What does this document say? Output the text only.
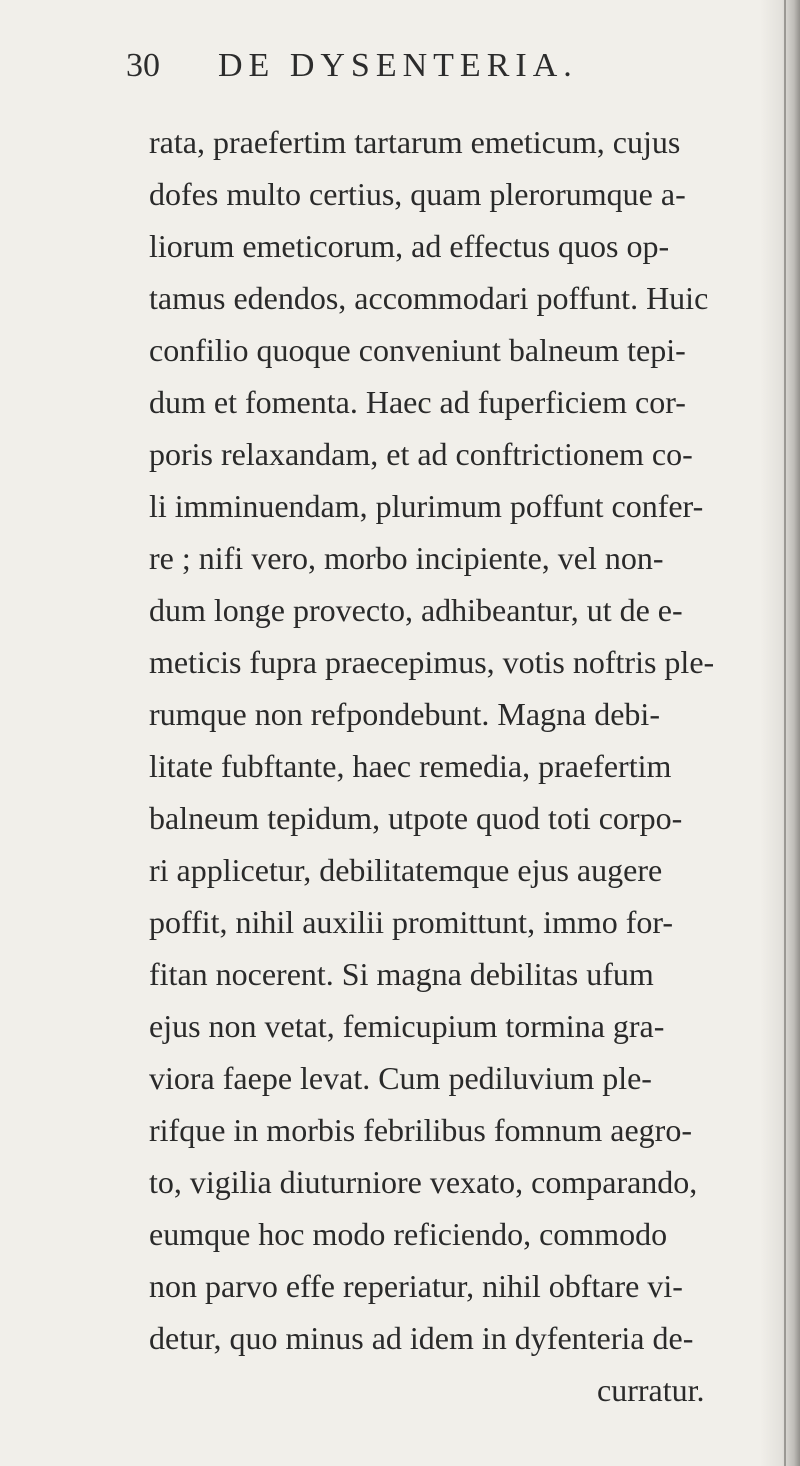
30 DE DYSENTERIA.
rata, praefertim tartarum emeticum, cujus
dofes multo certius, quam plerorumque a-
liorum emeticorum, ad effectus quos op-
tamus edendos, accommodari poffunt. Huic
confilio quoque conveniunt balneum tepi-
dum et fomenta. Haec ad fuperficiem cor-
poris relaxandam, et ad conftrictionem co-
li imminuendam, plurimum poffunt confer-
re ; nifi vero, morbo incipiente, vel non-
dum longe provecto, adhibeantur, ut de e-
meticis fupra praecepimus, votis noftris ple-
rumque non refpondebunt. Magna debi-
litate fubftante, haec remedia, praefertim
balneum tepidum, utpote quod toti corpo-
ri applicetur, debilitatemque ejus augere
poffit, nihil auxilii promittunt, immo for-
fitan nocerent. Si magna debilitas ufum
ejus non vetat, femicupium tormina gra-
viora faepe levat. Cum pediluvium ple-
rifque in morbis febrilibus fomnum aegro-
to, vigilia diuturniore vexato, comparando,
eumque hoc modo reficiendo, commodo
non parvo effe reperiatur, nihil obftare vi-
detur, quo minus ad idem in dyfenteria de-
curratur.
